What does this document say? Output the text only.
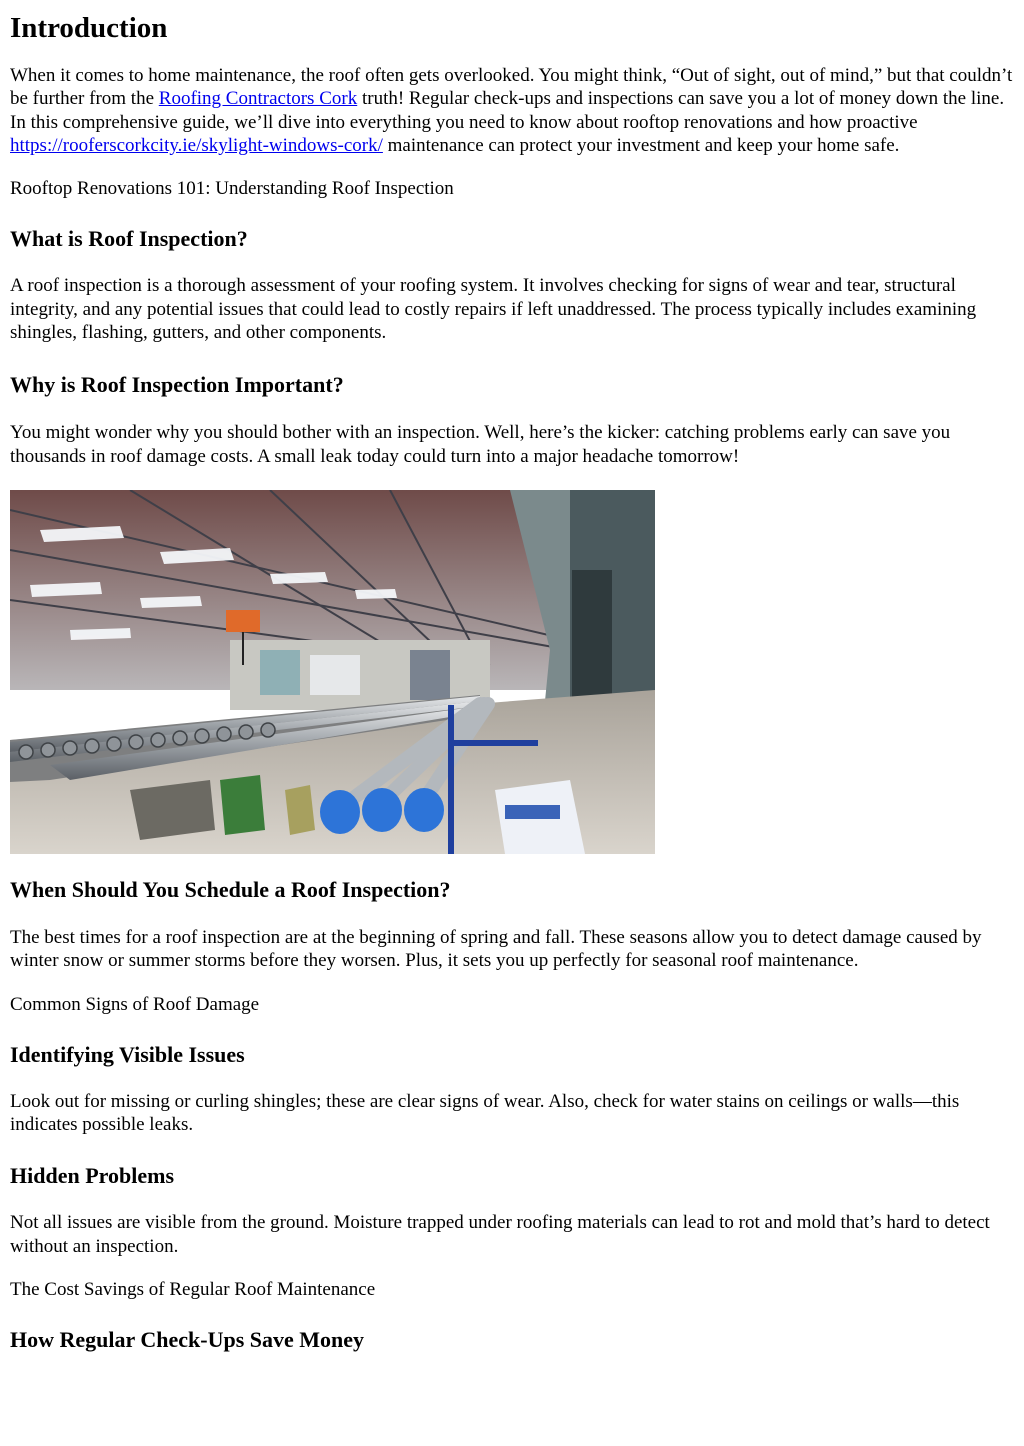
Introduction

When it comes to home maintenance, the roof often gets overlooked. You might think, “Out of sight, out of mind,” but that couldn’t be further from the Roofing Contractors Cork truth! Regular check-ups and inspections can save you a lot of money down the line. In this comprehensive guide, we’ll dive into everything you need to know about rooftop renovations and how proactive https://rooferscorkcity.ie/skylight-windows-cork/ maintenance can protect your investment and keep your home safe.

Rooftop Renovations 101: Understanding Roof Inspection

What is Roof Inspection?

A roof inspection is a thorough assessment of your roofing system. It involves checking for signs of wear and tear, structural integrity, and any potential issues that could lead to costly repairs if left unaddressed. The process typically includes examining shingles, flashing, gutters, and other components.

Why is Roof Inspection Important?

You might wonder why you should bother with an inspection. Well, here’s the kicker: catching problems early can save you thousands in roof damage costs. A small leak today could turn into a major headache tomorrow!

When Should You Schedule a Roof Inspection?

The best times for a roof inspection are at the beginning of spring and fall. These seasons allow you to detect damage caused by winter snow or summer storms before they worsen. Plus, it sets you up perfectly for seasonal roof maintenance.

Common Signs of Roof Damage

Identifying Visible Issues

Look out for missing or curling shingles; these are clear signs of wear. Also, check for water stains on ceilings or walls—this indicates possible leaks.

Hidden Problems

Not all issues are visible from the ground. Moisture trapped under roofing materials can lead to rot and mold that’s hard to detect without an inspection.

The Cost Savings of Regular Roof Maintenance

How Regular Check-Ups Save Money
